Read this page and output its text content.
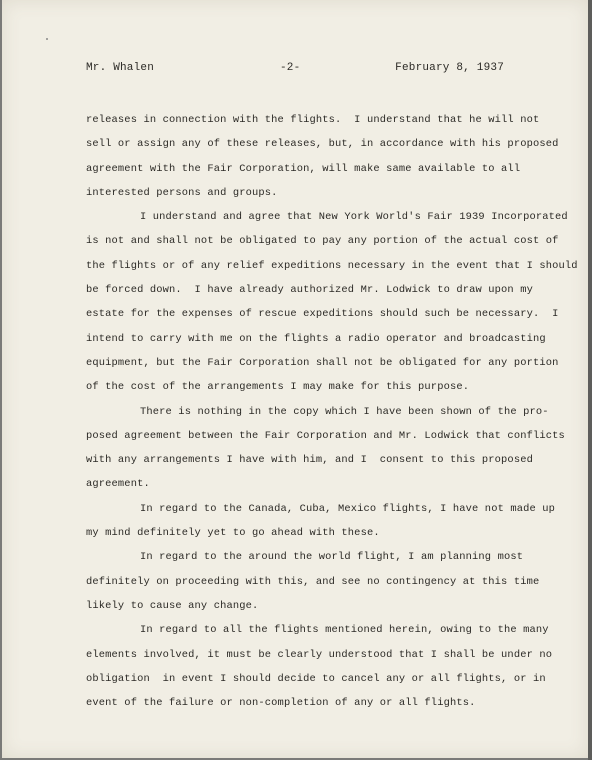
Mr. Whalen	-2-	February 8, 1937
releases in connection with the flights.  I understand that he will not
sell or assign any of these releases, but, in accordance with his proposed
agreement with the Fair Corporation, will make same available to all
interested persons and groups.
I understand and agree that New York World's Fair 1939 Incorporated
is not and shall not be obligated to pay any portion of the actual cost of
the flights or of any relief expeditions necessary in the event that I should
be forced down.  I have already authorized Mr. Lodwick to draw upon my
estate for the expenses of rescue expeditions should such be necessary.  I
intend to carry with me on the flights a radio operator and broadcasting
equipment, but the Fair Corporation shall not be obligated for any portion
of the cost of the arrangements I may make for this purpose.
There is nothing in the copy which I have been shown of the pro-
posed agreement between the Fair Corporation and Mr. Lodwick that conflicts
with any arrangements I have with him, and I  consent to this proposed
agreement.
In regard to the Canada, Cuba, Mexico flights, I have not made up
my mind definitely yet to go ahead with these.
In regard to the around the world flight, I am planning most
definitely on proceeding with this, and see no contingency at this time
likely to cause any change.
In regard to all the flights mentioned herein, owing to the many
elements involved, it must be clearly understood that I shall be under no
obligation  in event I should decide to cancel any or all flights, or in
event of the failure or non-completion of any or all flights.
